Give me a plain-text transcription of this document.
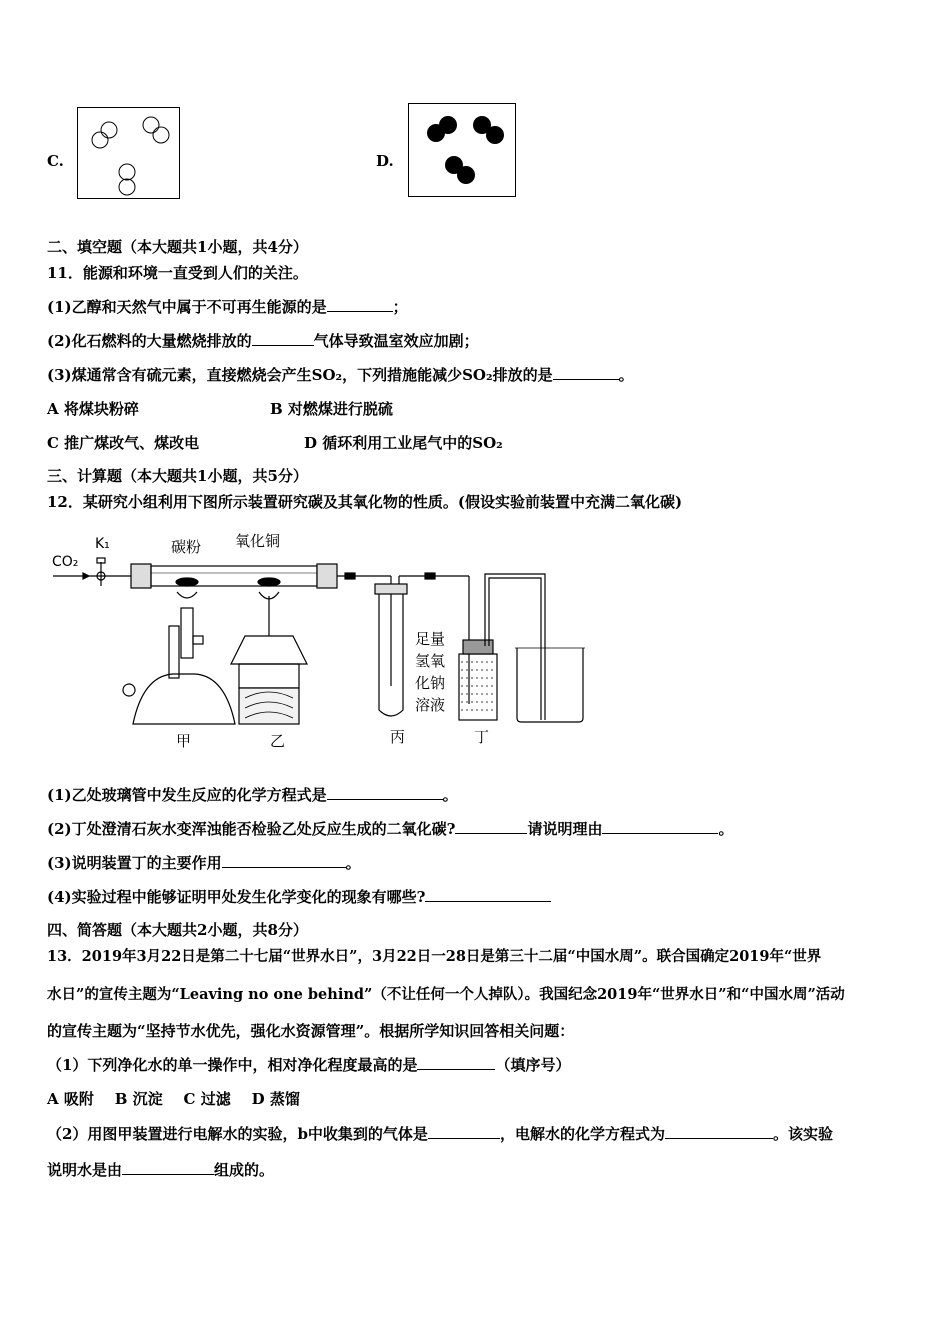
C.	D.
二、填空题（本大题共1小题，共4分）
11．能源和环境一直受到人们的关注。
(1)乙醇和天然气中属于不可再生能源的是	；
(2)化石燃料的大量燃烧排放的	气体导致温室效应加剧；
(3)煤通常含有硫元素，直接燃烧会产生SO₂，下列措施能减少SO₂排放的是	。
A 将煤块粉碎	B 对燃煤进行脱硫
C 推广煤改气、煤改电	D 循环利用工业尾气中的SO₂
三、计算题（本大题共1小题，共5分）
12．某研究小组利用下图所示装置研究碳及其氧化物的性质。(假设实验前装置中充满二氧化碳)
CO₂
K₁	碳粉 氧化铜
足量
氢氧
化钠
溶液
甲	乙	丙	丁
(1)乙处玻璃管中发生反应的化学方程式是	。
(2)丁处澄清石灰水变浑浊能否检验乙处反应生成的二氧化碳?	请说明理由	。
(3)说明装置丁的主要作用	。
(4)实验过程中能够证明甲处发生化学变化的现象有哪些?
四、简答题（本大题共2小题，共8分）
13．2019年3月22日是第二十七届“世界水日”，3月22日一28日是第三十二届“中国水周”。联合国确定2019年“世界
水日”的宣传主题为“Leaving no one behind”（不让任何一个人掉队）。我国纪念2019年“世界水日”和“中国水周”活动
的宣传主题为“坚持节水优先，强化水资源管理”。根据所学知识回答相关问题：
（1）下列净化水的单一操作中，相对净化程度最高的是	（填序号）
A 吸附    B 沉淀    C 过滤    D 蒸馏
（2）用图甲装置进行电解水的实验，b中收集到的气体是	，电解水的化学方程式为	。该实验
说明水是由	组成的。
